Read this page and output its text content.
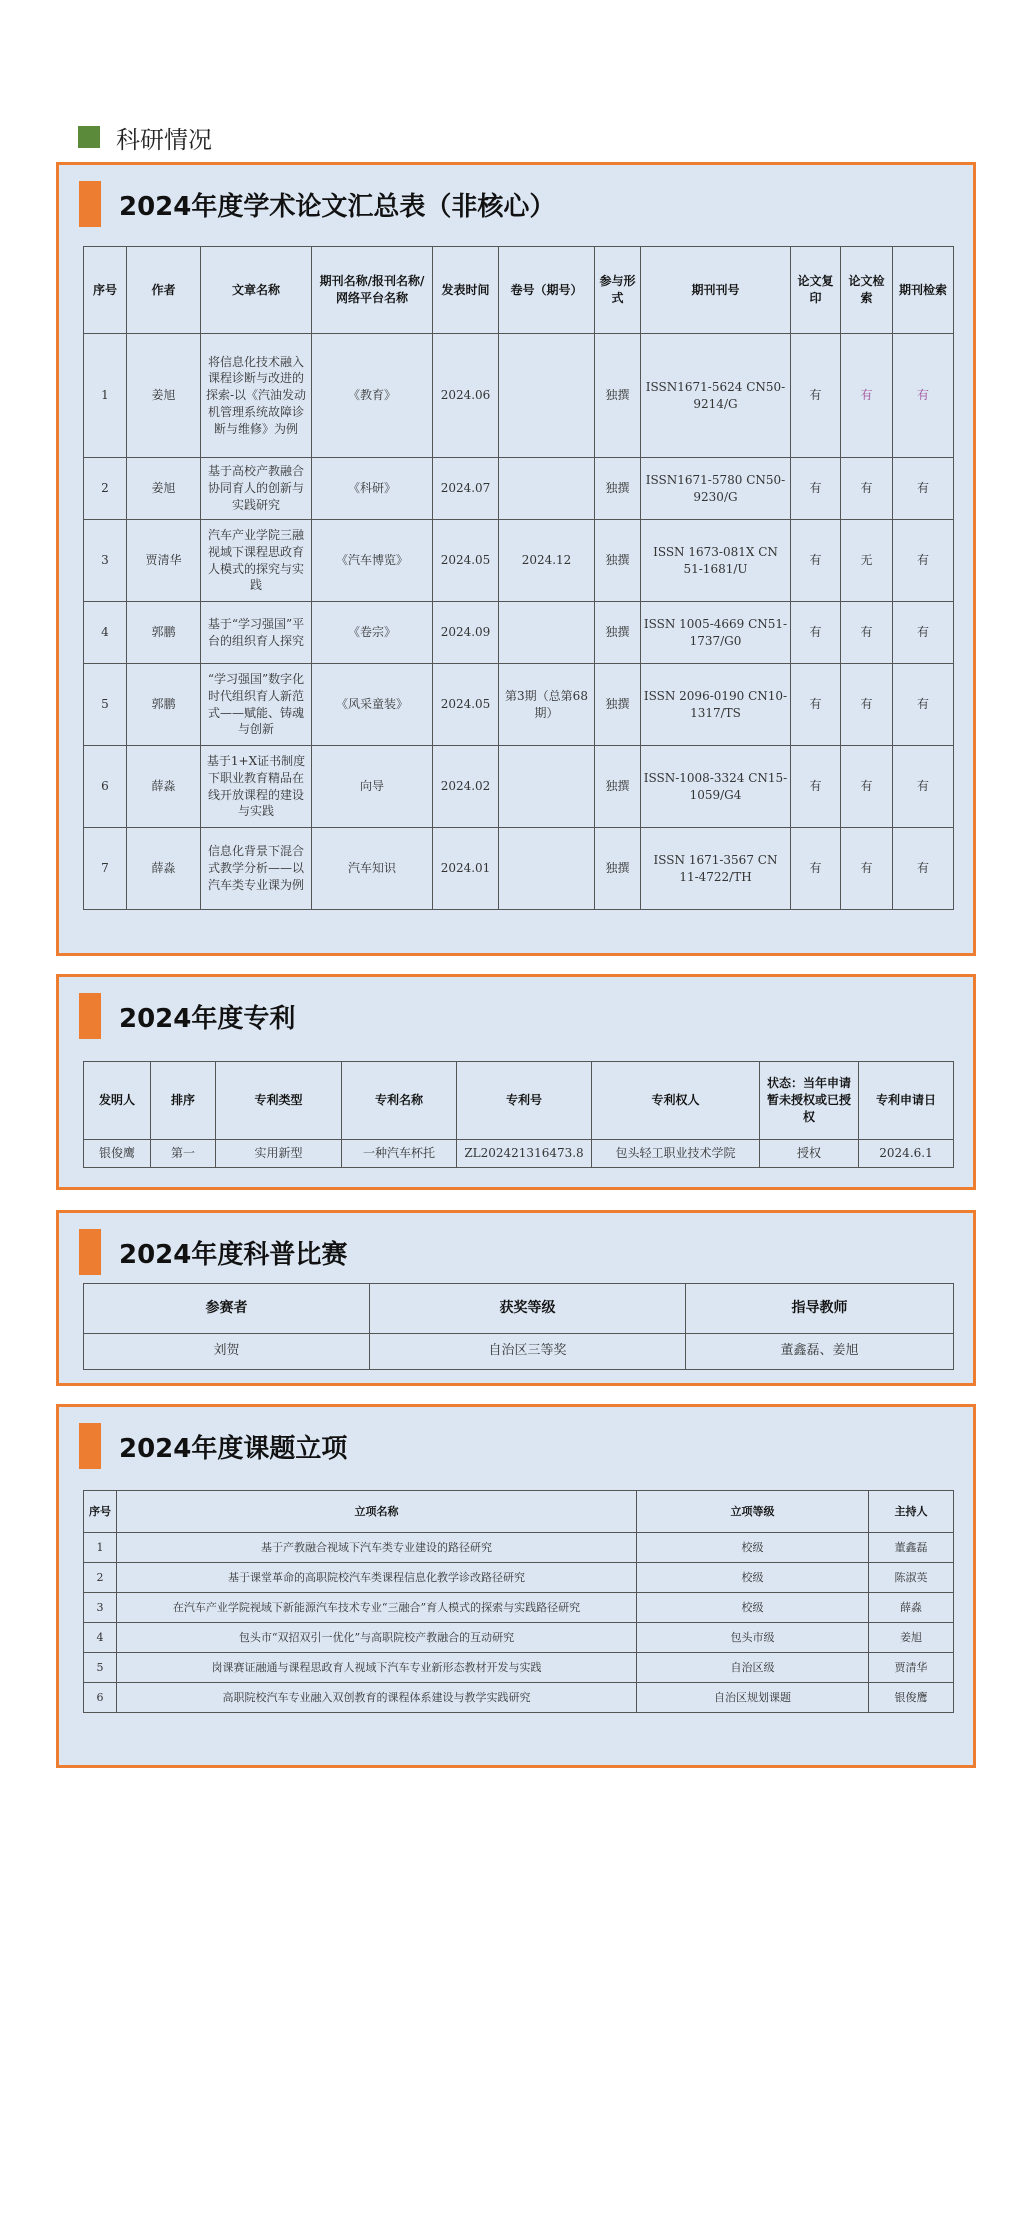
科研情况
2024年度学术论文汇总表（非核心）
序号	作者	文章名称	期刊名称/报刊名称/网络平台名称	发表时间	卷号（期号）	参与形式	期刊刊号	论文复印	论文检索	期刊检索
1	姜旭	将信息化技术融入课程诊断与改进的探索-以《汽油发动机管理系统故障诊断与维修》为例	《教育》	2024.06		独撰	ISSN1671-5624 CN50-9214/G	有	有	有
2	姜旭	基于高校产教融合协同育人的创新与实践研究	《科研》	2024.07		独撰	ISSN1671-5780 CN50-9230/G	有	有	有
3	贾清华	汽车产业学院三融视域下课程思政育人模式的探究与实践	《汽车博览》	2024.05	2024.12	独撰	ISSN 1673-081X CN 51-1681/U	有	无	有
4	郭鹏	基于“学习强国”平台的组织育人探究	《卷宗》	2024.09		独撰	ISSN 1005-4669 CN51-1737/G0	有	有	有
5	郭鹏	“学习强国”数字化时代组织育人新范式——赋能、铸魂与创新	《风采童装》	2024.05	第3期（总第68期）	独撰	ISSN 2096-0190 CN10-1317/TS	有	有	有
6	薛淼	基于1+X证书制度下职业教育精品在线开放课程的建设与实践	向导	2024.02		独撰	ISSN-1008-3324 CN15-1059/G4	有	有	有
7	薛淼	信息化背景下混合式教学分析——以汽车类专业课为例	汽车知识	2024.01		独撰	ISSN 1671-3567 CN 11-4722/TH	有	有	有
2024年度专利
发明人	排序	专利类型	专利名称	专利号	专利权人	状态：当年申请暂未授权或已授权	专利申请日
银俊鹰	第一	实用新型	一种汽车杯托	ZL202421316473.8	包头轻工职业技术学院	授权	2024.6.1
2024年度科普比赛
参赛者	获奖等级	指导教师
刘贺	自治区三等奖	董鑫磊、姜旭
2024年度课题立项
序号	立项名称	立项等级	主持人
1	基于产教融合视域下汽车类专业建设的路径研究	校级	董鑫磊
2	基于课堂革命的高职院校汽车类课程信息化教学诊改路径研究	校级	陈淑英
3	在汽车产业学院视域下新能源汽车技术专业“三融合”育人模式的探索与实践路径研究	校级	薛淼
4	包头市“双招双引一优化”与高职院校产教融合的互动研究	包头市级	姜旭
5	岗课赛证融通与课程思政育人视域下汽车专业新形态教材开发与实践	自治区级	贾清华
6	高职院校汽车专业融入双创教育的课程体系建设与教学实践研究	自治区规划课题	银俊鹰
